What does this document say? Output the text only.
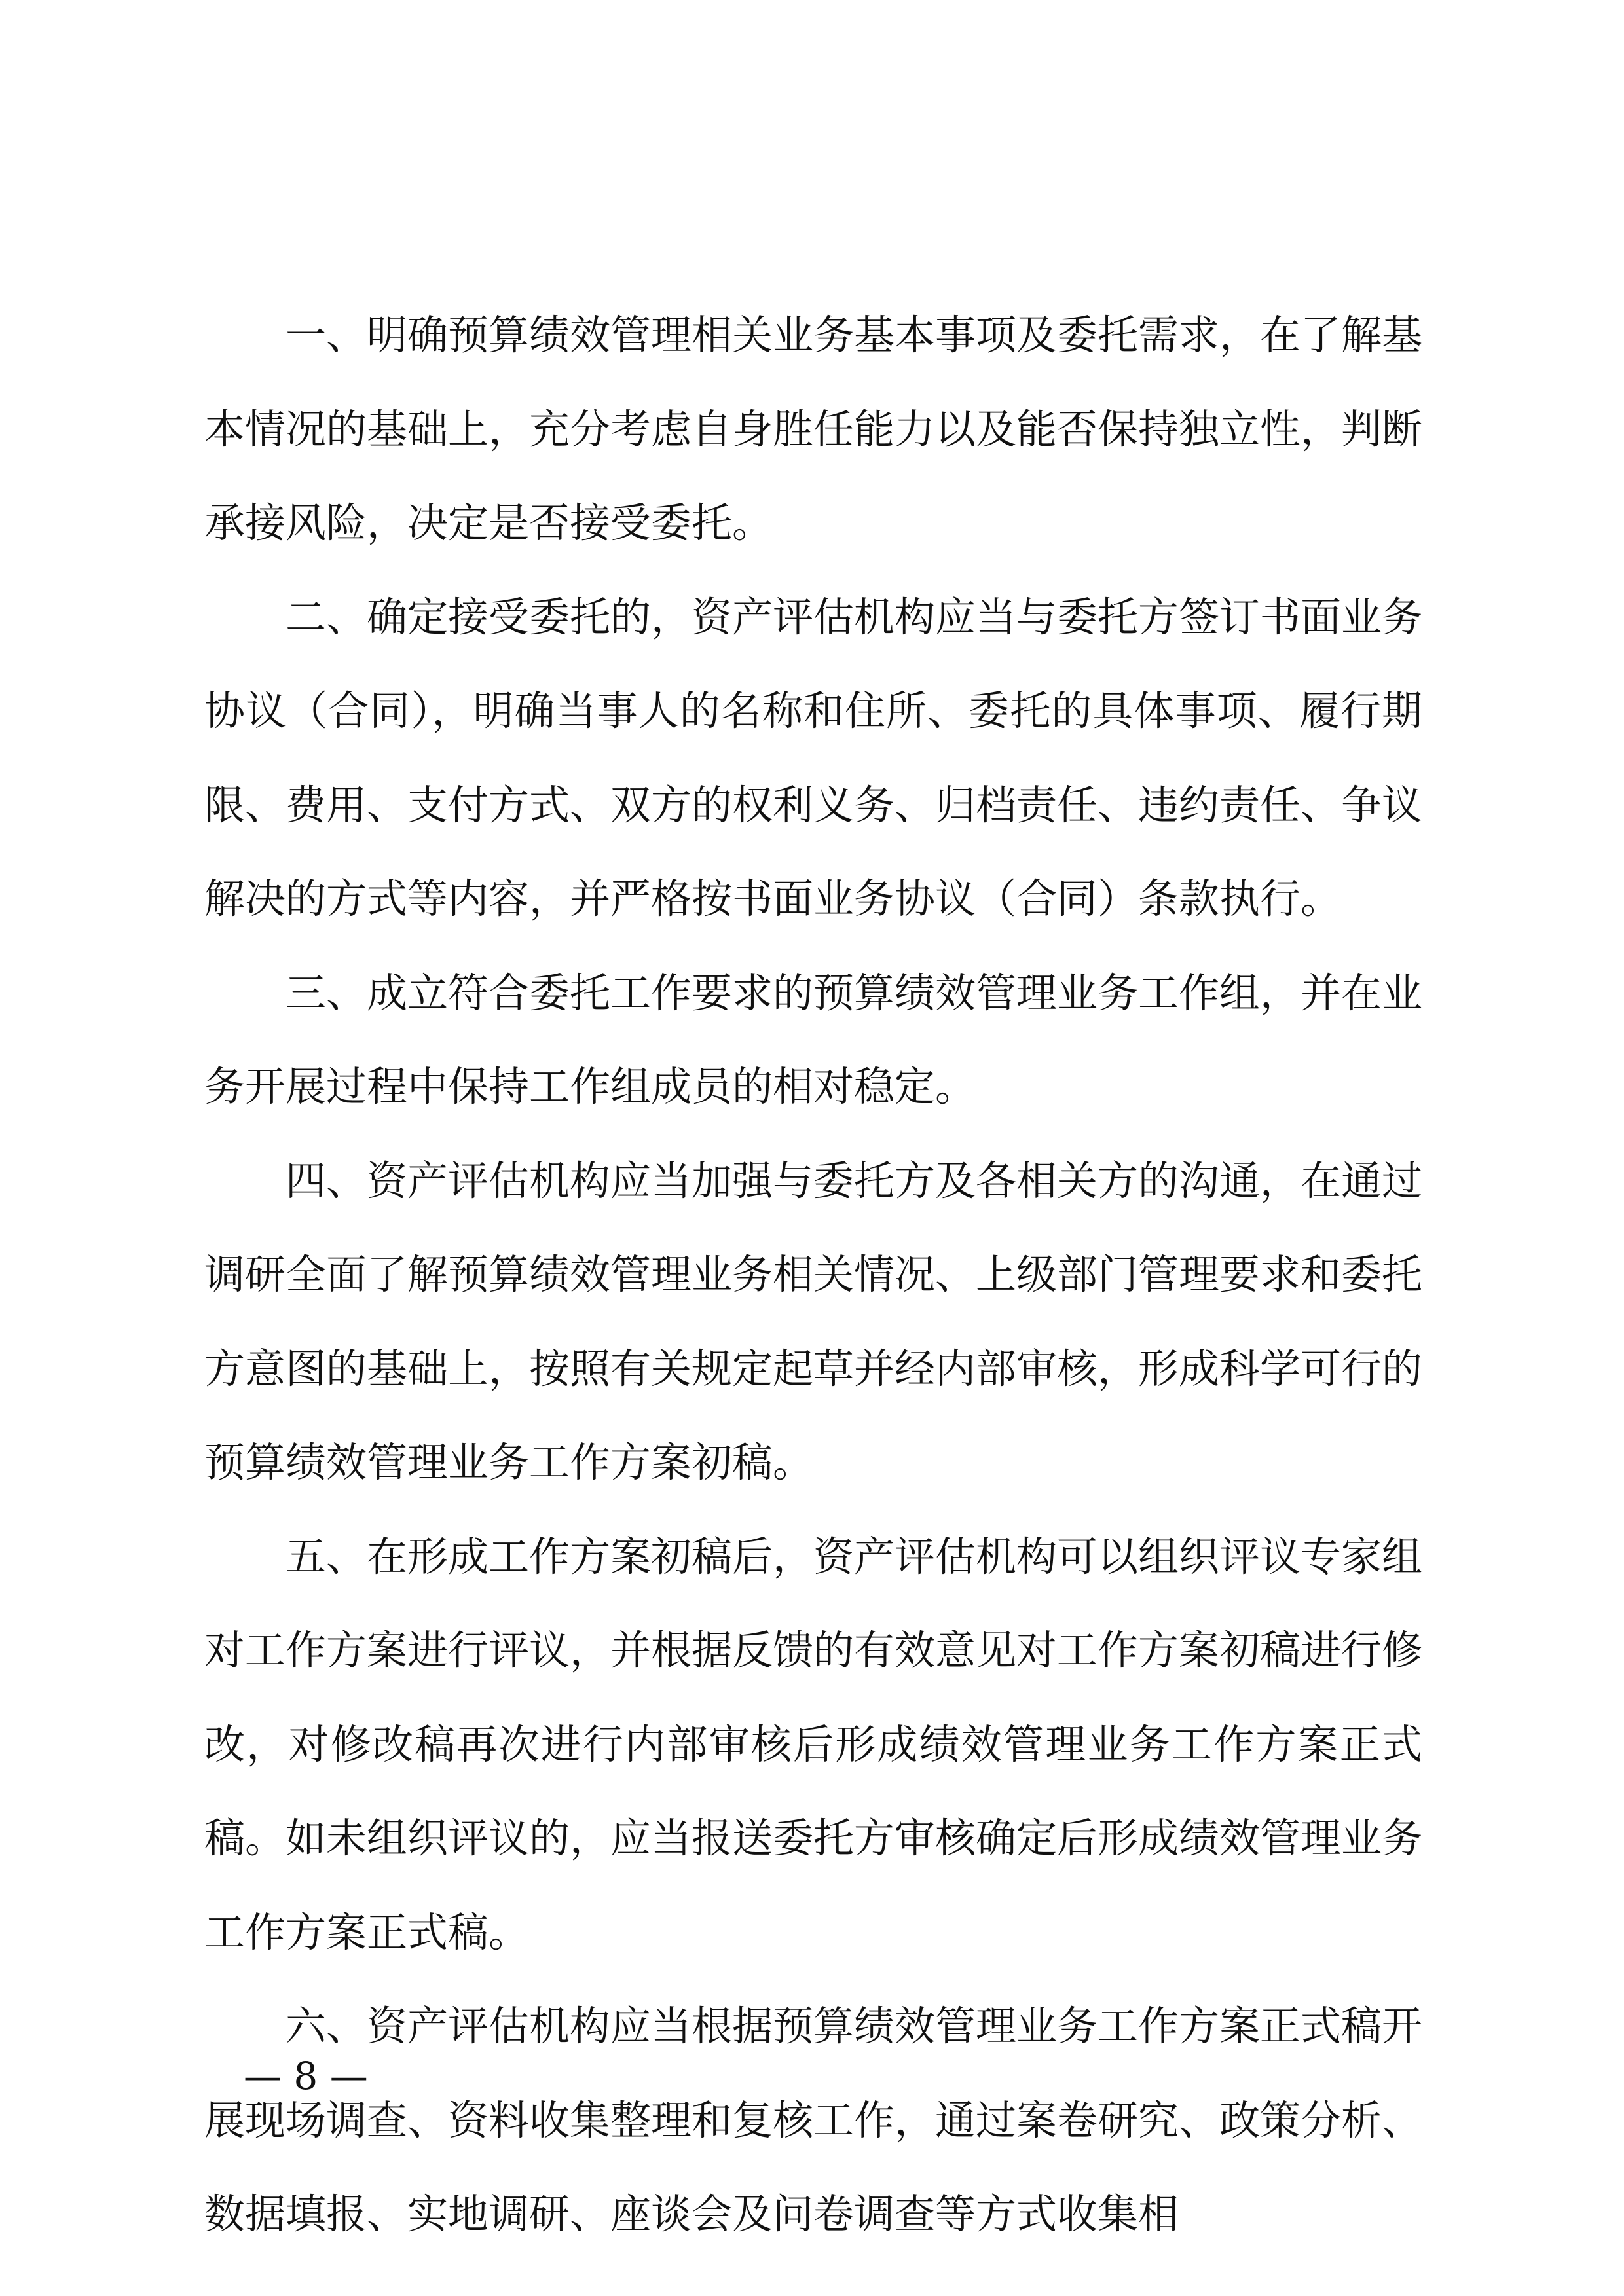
一、明确预算绩效管理相关业务基本事项及委托需求，在了解基本情况的基础上，充分考虑自身胜任能力以及能否保持独立性，判断承接风险，决定是否接受委托。

二、确定接受委托的，资产评估机构应当与委托方签订书面业务协议（合同），明确当事人的名称和住所、委托的具体事项、履行期限、费用、支付方式、双方的权利义务、归档责任、违约责任、争议解决的方式等内容，并严格按书面业务协议（合同）条款执行。

三、成立符合委托工作要求的预算绩效管理业务工作组，并在业务开展过程中保持工作组成员的相对稳定。

四、资产评估机构应当加强与委托方及各相关方的沟通，在通过调研全面了解预算绩效管理业务相关情况、上级部门管理要求和委托方意图的基础上，按照有关规定起草并经内部审核，形成科学可行的预算绩效管理业务工作方案初稿。

五、在形成工作方案初稿后，资产评估机构可以组织评议专家组对工作方案进行评议，并根据反馈的有效意见对工作方案初稿进行修改，对修改稿再次进行内部审核后形成绩效管理业务工作方案正式稿。如未组织评议的，应当报送委托方审核确定后形成绩效管理业务工作方案正式稿。

六、资产评估机构应当根据预算绩效管理业务工作方案正式稿开展现场调查、资料收集整理和复核工作，通过案卷研究、政策分析、数据填报、实地调研、座谈会及问卷调查等方式收集相

— 8 —
